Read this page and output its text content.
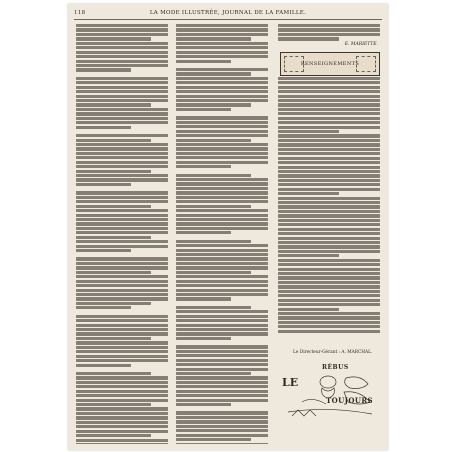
118	LA MODE ILLUSTRÉE, JOURNAL DE LA FAMILLE.
E. MARIETTE.
RENSEIGNEMENTS
Le Directeur-Gérant : A. MARCHAL.
RÉBUS
LE
TOUJOURS
